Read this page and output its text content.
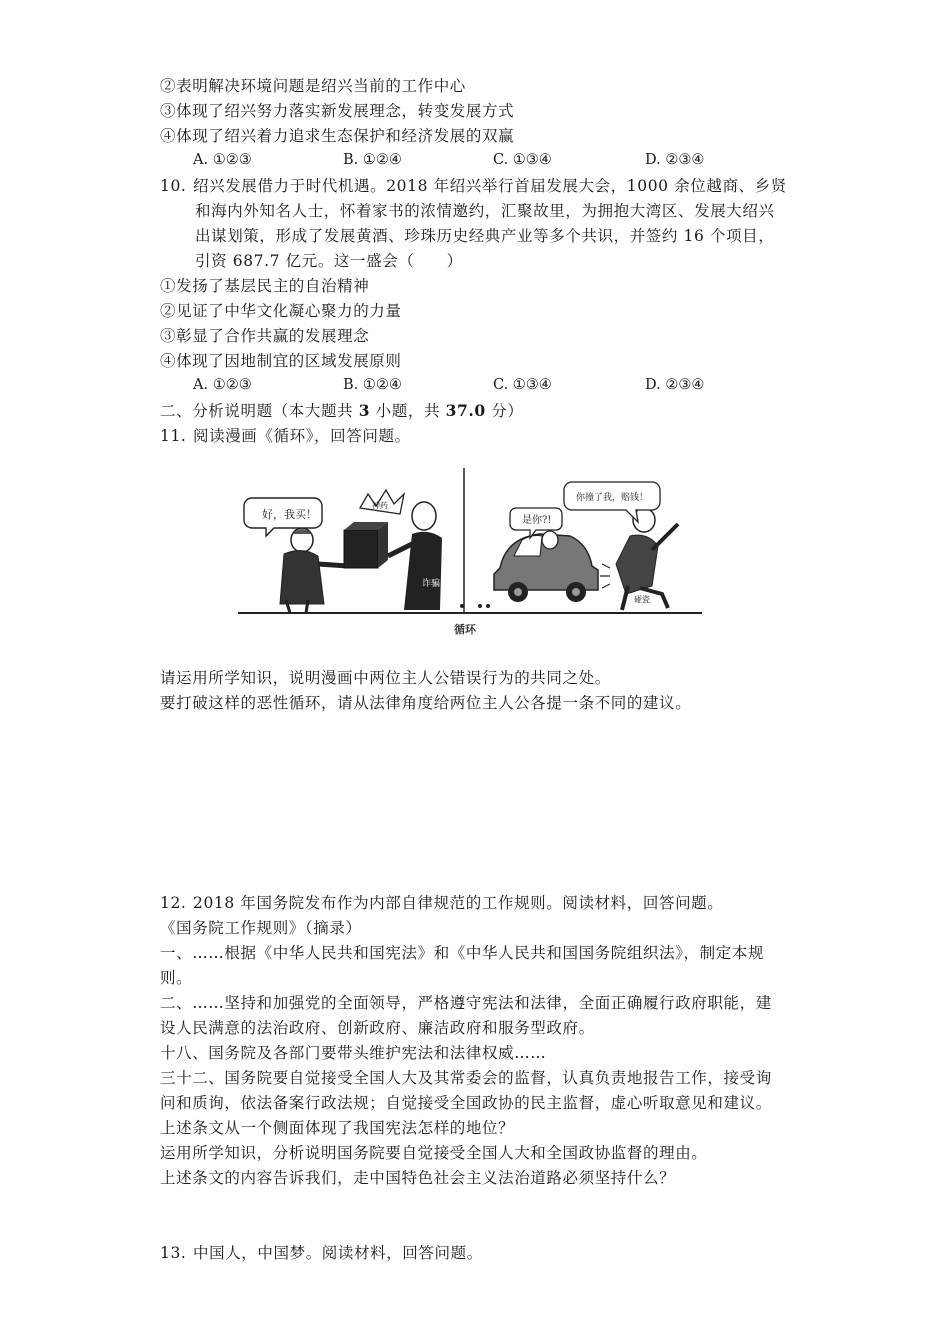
②表明解决环境问题是绍兴当前的工作中心
③体现了绍兴努力落实新发展理念，转变发展方式
④体现了绍兴着力追求生态保护和经济发展的双赢
A. ①②③	B. ①②④	C. ①③④	D. ②③④
10. 绍兴发展借力于时代机遇。2018 年绍兴举行首届发展大会，1000 余位越商、乡贤
和海内外知名人士，怀着家书的浓情邀约，汇聚故里，为拥抱大湾区、发展大绍兴
出谋划策，形成了发展黄酒、珍珠历史经典产业等多个共识，并签约 16 个项目，
引资 687.7 亿元。这一盛会（　　）
①发扬了基层民主的自治精神
②见证了中华文化凝心聚力的力量
③彰显了合作共赢的发展理念
④体现了因地制宜的区域发展原则
A. ①②③	B. ①②④	C. ①③④	D. ②③④
二、分析说明题（本大题共 3 小题，共 37.0 分）
11. 阅读漫画《循环》，回答问题。
好，我买！
神药
诈骗
是你?!
碰瓷
你撞了我，赔钱！
循环
请运用所学知识，说明漫画中两位主人公错误行为的共同之处。
要打破这样的恶性循环，请从法律角度给两位主人公各提一条不同的建议。
12. 2018 年国务院发布作为内部自律规范的工作规则。阅读材料，回答问题。
《国务院工作规则》（摘录）
一、……根据《中华人民共和国宪法》和《中华人民共和国国务院组织法》，制定本规
则。
二、……坚持和加强党的全面领导，严格遵守宪法和法律，全面正确履行政府职能，建
设人民满意的法治政府、创新政府、廉洁政府和服务型政府。
十八、国务院及各部门要带头维护宪法和法律权威……
三十二、国务院要自觉接受全国人大及其常委会的监督，认真负责地报告工作，接受询
问和质询，依法备案行政法规；自觉接受全国政协的民主监督，虚心听取意见和建议。
上述条文从一个侧面体现了我国宪法怎样的地位？
运用所学知识，分析说明国务院要自觉接受全国人大和全国政协监督的理由。
上述条文的内容告诉我们，走中国特色社会主义法治道路必须坚持什么？
13. 中国人，中国梦。阅读材料，回答问题。
